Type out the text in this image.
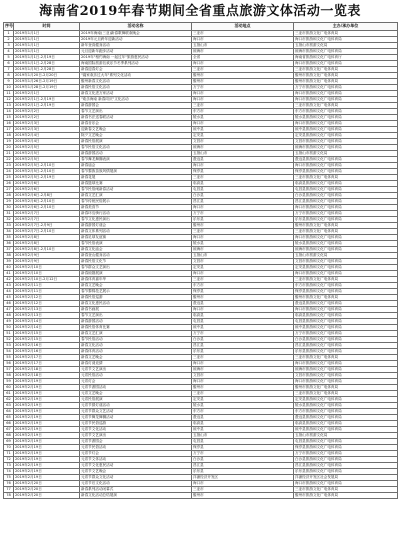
海南省2019年春节期间全省重点旅游文体活动一览表
序号	时间	活动名称	活动地点	主办/承办单位
1	2019年1月1日	2019年海南(三亚)新春歌舞联欢晚会	三亚市	三亚市旅游文化广电体育局
2	2019年1月1日	2019年元旦跨年迎新活动	海口市	海口市旅游和文化广电体育局
3	2019年1月1日	新年登高健身活动	五指山市	五指山市旅游文化局
4	2019年1月1日	元旦迎新年跑步活动	琼海市	琼海市旅游和文化广电体育局
5	2019年1月1日-2月19日	2019年"相约海南 一起过年"旅游惠民活动	全省	海南省旅游和文化广电体育厅
6	2019年1月1日-2月28日	海南国际旅游岛欢乐节冬季系列活动	海口市	海口市旅游和文化广电体育局
7	2019年1月5日-2月28日	新春迎春灯会	三亚市	三亚市旅游文化广电体育局
8	2019年1月20日-2月20日	"阖家欢乐过大年"系列文化活动	儋州市	儋州市旅游文化广电体育局
9	2019年1月26日-2月19日	儋州新春文化活动	儋州市	儋州市旅游文化广电体育局
10	2019年1月28日-2月19日	新春民俗文化活动	万宁市	万宁市旅游和文化广电体育局
11	2019年2月1日	新春文化进万家活动	海口市	海口市旅游和文化广电体育局
12	2019年2月1日-2月19日	"欢乐海南 新春同庆"文化活动	海口市	海口市旅游和文化广电体育局
13	2019年2月1日-2月19日	新春游园会	三亚市	三亚市旅游文化广电体育局
14	2019年2月2日	春节文艺演出	东方市	东方市旅游和文化广电体育局
15	2019年2月2日	新春书法送春联活动	陵水县	陵水县旅游和文化广电体育局
16	2019年2月3日	新春音乐会	海口市	海口市旅游和文化广电体育局
17	2019年2月3日	迎新春文艺晚会	琼中县	琼中县旅游和文化广电体育局
18	2019年2月4日	除夕文艺晚会	定安县	定安县旅游和文化广电体育局
19	2019年2月4日	新春民俗展演	文昌市	文昌市旅游和文化广电体育局
20	2019年2月5日	春节民俗文化活动	琼海市	琼海市旅游和文化广电体育局
21	2019年2月5日	新春游园活动	五指山市	五指山市旅游文化局
22	2019年2月5日	春节舞龙舞狮表演	澄迈县	澄迈县旅游和文化广电体育局
23	2019年2月5日-2月10日	新春庙会	海口市	海口市旅游和文化广电体育局
24	2019年2月5日-2月10日	春节黎族苗族风情展演	保亭县	保亭县旅游和文化广电体育局
25	2019年2月5日-2月19日	新春花展	三亚市	三亚市旅游文化广电体育局
26	2019年2月6日	新春篮球比赛	临高县	临高县旅游和文化广电体育局
27	2019年2月6日	春节民俗闹新春活动	屯昌县	屯昌县旅游和文化广电体育局
28	2019年2月6日-2月8日	新春文艺汇演	白沙县	白沙县旅游和文化广电体育局
29	2019年2月6日-2月10日	春节传统民俗展示	昌江县	昌江县旅游和文化广电体育局
30	2019年2月6日-2月10日	新春美食节	海口市	海口市旅游和文化广电体育局
31	2019年2月7日	新春环岛骑行活动	万宁市	万宁市旅游和文化广电体育局
32	2019年2月7日	春节文化惠民演出	乐东县	乐东县旅游和文化广电体育局
33	2019年2月7日-2月9日	新春游园灯谜会	儋州市	儋州市旅游文化广电体育局
34	2019年2月7日-2月10日	新春文体系列活动	三亚市	三亚市旅游文化广电体育局
35	2019年2月8日	新春足球友谊赛	海口市	海口市旅游和文化广电体育局
36	2019年2月8日	春节民俗表演	陵水县	陵水县旅游和文化广电体育局
37	2019年2月8日-2月10日	新春文化庙会	琼海市	琼海市旅游和文化广电体育局
38	2019年2月9日	新春登山健身活动	五指山市	五指山市旅游文化局
39	2019年2月9日	新春民俗文化节	文昌市	文昌市旅游和文化广电体育局
40	2019年2月10日	春节群众文艺演出	定安县	定安县旅游和文化广电体育局
41	2019年2月10日	新春琼剧展演	海口市	海口市旅游和文化广电体育局
42	2019年2月10日-2月12日	新春体育嘉年华	三亚市	三亚市旅游文化广电体育局
43	2019年2月11日	新春文艺晚会	东方市	东方市旅游和文化广电体育局
44	2019年2月11日	春节黎锦技艺展示	保亭县	保亭县旅游和文化广电体育局
45	2019年2月12日	新春民俗巡游	儋州市	儋州市旅游文化广电体育局
46	2019年2月12日	新春文化惠民活动	澄迈县	澄迈县旅游和文化广电体育局
47	2019年2月13日	新春书画展	海口市	海口市旅游和文化广电体育局
48	2019年2月13日	春节文艺演出	临高县	临高县旅游和文化广电体育局
49	2019年2月14日	新春游园活动	屯昌县	屯昌县旅游和文化广电体育局
50	2019年2月14日	新春民俗体育比赛	琼中县	琼中县旅游和文化广电体育局
51	2019年2月15日	新春文艺汇演	万宁市	万宁市旅游和文化广电体育局
52	2019年2月15日	春节民俗活动	白沙县	白沙县旅游和文化广电体育局
53	2019年2月16日	新春文化活动	昌江县	昌江县旅游和文化广电体育局
54	2019年2月16日	新春体育活动	乐东县	乐东县旅游和文化广电体育局
55	2019年2月17日	新春文艺晚会	三亚市	三亚市旅游文化广电体育局
56	2019年2月17日	新春灯谜竞猜	海口市	海口市旅游和文化广电体育局
57	2019年2月18日	元宵节文艺演出	琼海市	琼海市旅游和文化广电体育局
58	2019年2月18日	元宵民俗活动	文昌市	文昌市旅游和文化广电体育局
59	2019年2月19日	元宵灯会	海口市	海口市旅游和文化广电体育局
60	2019年2月19日	元宵节游园活动	儋州市	儋州市旅游文化广电体育局
61	2019年2月19日	元宵文艺晚会	三亚市	三亚市旅游文化广电体育局
62	2019年2月19日	元宵民俗展演	定安县	定安县旅游和文化广电体育局
63	2019年2月19日	元宵节猜灯谜活动	陵水县	陵水县旅游和文化广电体育局
64	2019年2月19日	元宵节群众文艺活动	东方市	东方市旅游和文化广电体育局
65	2019年2月19日	元宵节舞龙舞狮活动	澄迈县	澄迈县旅游和文化广电体育局
66	2019年2月19日	元宵节民俗巡游	临高县	临高县旅游和文化广电体育局
67	2019年2月19日	元宵节文化活动	琼中县	琼中县旅游和文化广电体育局
68	2019年2月19日	元宵节文艺演出	五指山市	五指山市旅游文化局
69	2019年2月19日	元宵节游园会	屯昌县	屯昌县旅游和文化广电体育局
70	2019年2月19日	元宵节民俗活动	保亭县	保亭县旅游和文化广电体育局
71	2019年2月19日	元宵节灯会	万宁市	万宁市旅游和文化广电体育局
72	2019年2月19日	元宵节文体活动	白沙县	白沙县旅游和文化广电体育局
73	2019年2月19日	元宵节文化惠民活动	昌江县	昌江县旅游和文化广电体育局
74	2019年2月19日	元宵节文艺晚会	乐东县	乐东县旅游和文化广电体育局
75	2019年2月19日	元宵节群众文化活动	洋浦经济开发区	洋浦经济开发区社会发展局
76	2019年2月20日	元宵节后文化活动	海口市	海口市旅游和文化广电体育局
77	2019年2月20日	新春系列活动闭幕式	三亚市	三亚市旅游文化广电体育局
78	2019年2月20日	新春文化活动总结展演	儋州市	儋州市旅游文化广电体育局
